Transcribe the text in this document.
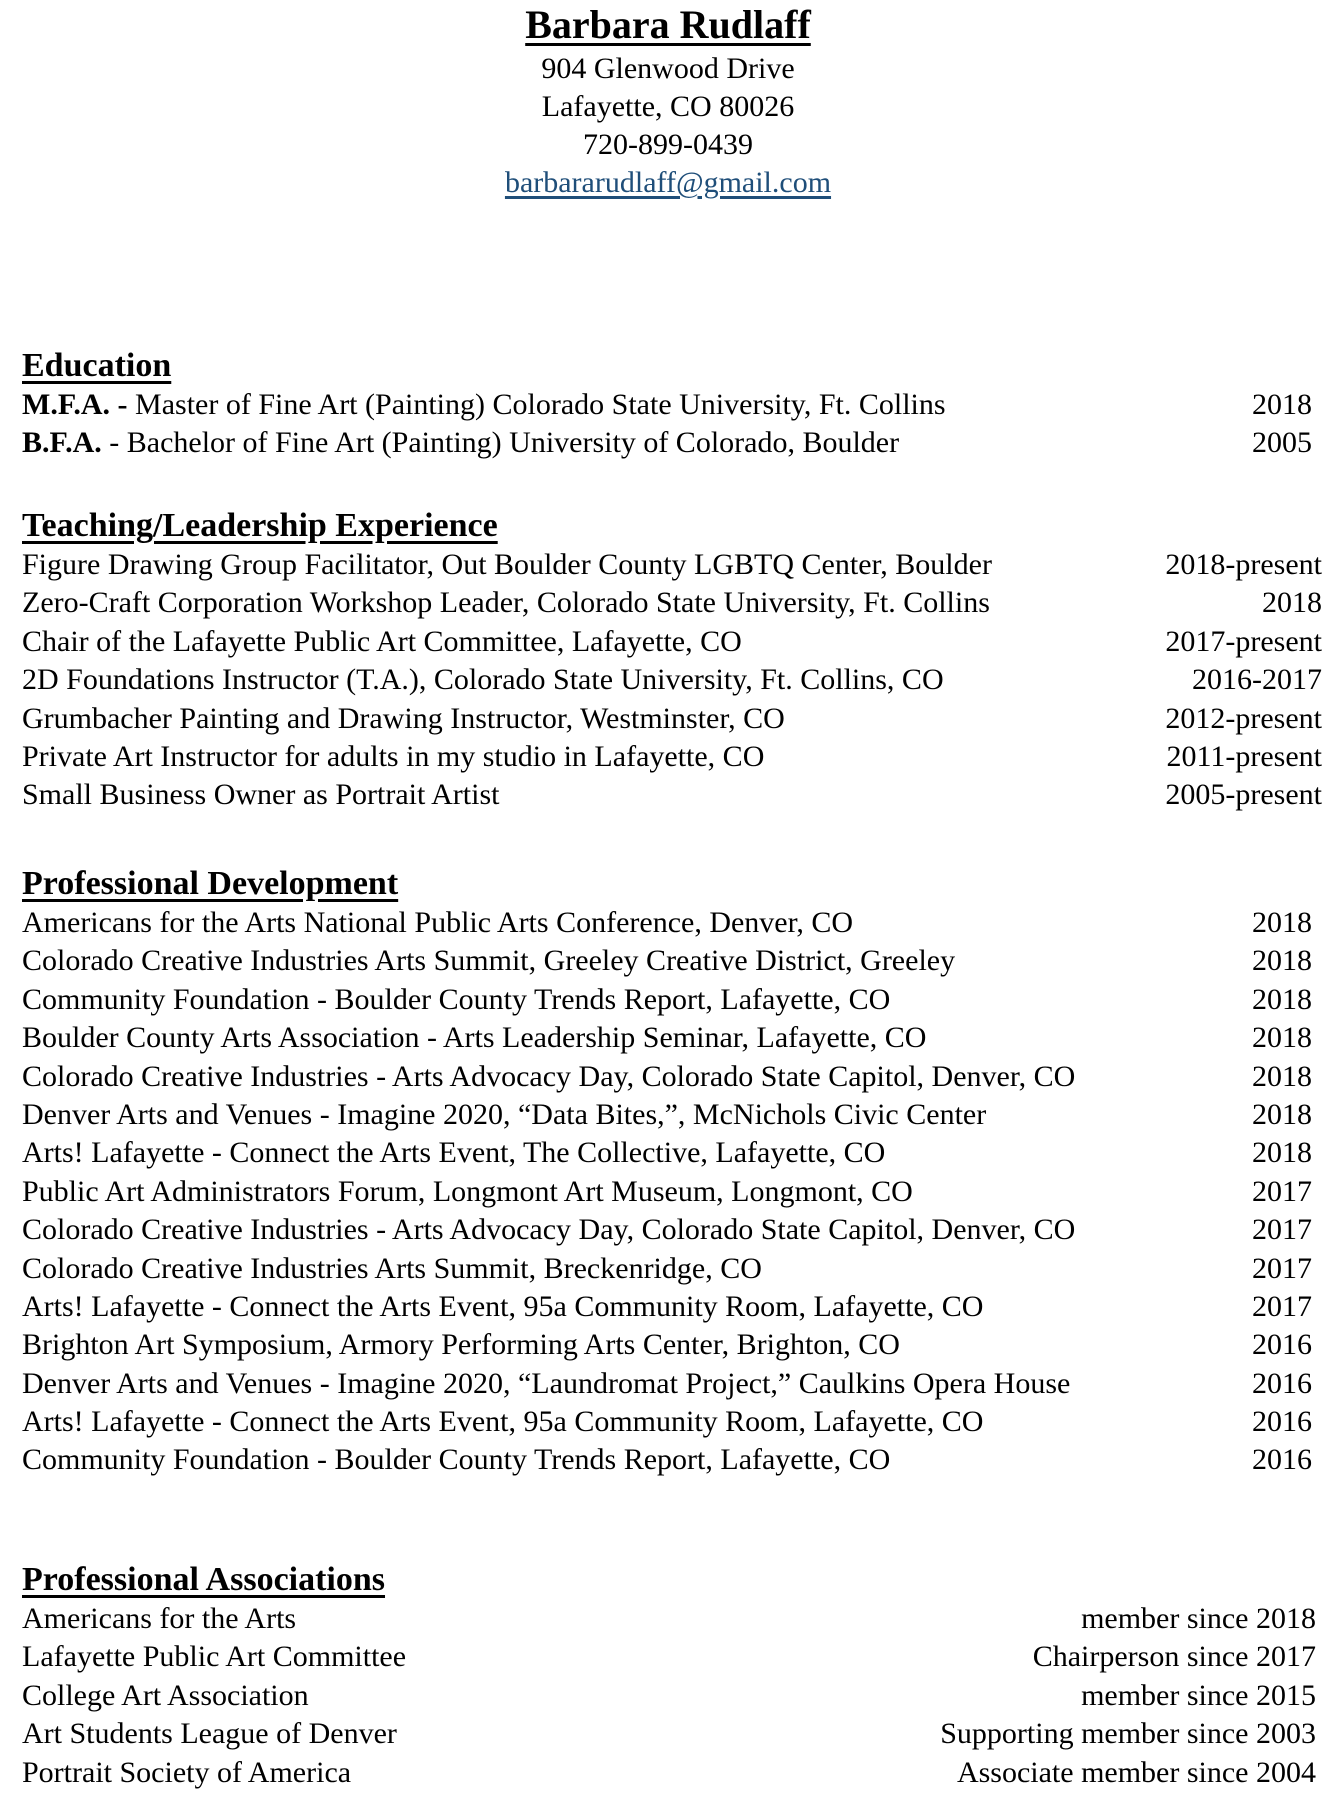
Barbara Rudlaff
904 Glenwood Drive
Lafayette, CO 80026
720-899-0439
barbararudlaff@gmail.com
Education
M.F.A. - Master of Fine Art (Painting) Colorado State University, Ft. Collins	2018
B.F.A. - Bachelor of Fine Art (Painting) University of Colorado, Boulder	2005
Teaching/Leadership Experience
Figure Drawing Group Facilitator, Out Boulder County LGBTQ Center, Boulder	2018-present
Zero-Craft Corporation Workshop Leader, Colorado State University, Ft. Collins	2018
Chair of the Lafayette Public Art Committee, Lafayette, CO	2017-present
2D Foundations Instructor (T.A.), Colorado State University, Ft. Collins, CO	2016-2017
Grumbacher Painting and Drawing Instructor, Westminster, CO	2012-present
Private Art Instructor for adults in my studio in Lafayette, CO	2011-present
Small Business Owner as Portrait Artist	2005-present
Professional Development
Americans for the Arts National Public Arts Conference, Denver, CO	2018
Colorado Creative Industries Arts Summit, Greeley Creative District, Greeley	2018
Community Foundation - Boulder County Trends Report, Lafayette, CO	2018
Boulder County Arts Association - Arts Leadership Seminar, Lafayette, CO	2018
Colorado Creative Industries - Arts Advocacy Day, Colorado State Capitol, Denver, CO	2018
Denver Arts and Venues - Imagine 2020, “Data Bites,”, McNichols Civic Center	2018
Arts! Lafayette - Connect the Arts Event, The Collective, Lafayette, CO	2018
Public Art Administrators Forum, Longmont Art Museum, Longmont, CO	2017
Colorado Creative Industries - Arts Advocacy Day, Colorado State Capitol, Denver, CO	2017
Colorado Creative Industries Arts Summit, Breckenridge, CO	2017
Arts! Lafayette - Connect the Arts Event, 95a Community Room, Lafayette, CO	2017
Brighton Art Symposium, Armory Performing Arts Center, Brighton, CO	2016
Denver Arts and Venues - Imagine 2020, “Laundromat Project,” Caulkins Opera House	2016
Arts! Lafayette - Connect the Arts Event, 95a Community Room, Lafayette, CO	2016
Community Foundation - Boulder County Trends Report, Lafayette, CO	2016
Professional Associations
Americans for the Arts	member since 2018
Lafayette Public Art Committee	Chairperson since 2017
College Art Association	member since 2015
Art Students League of Denver	Supporting member since 2003
Portrait Society of America	Associate member since 2004
